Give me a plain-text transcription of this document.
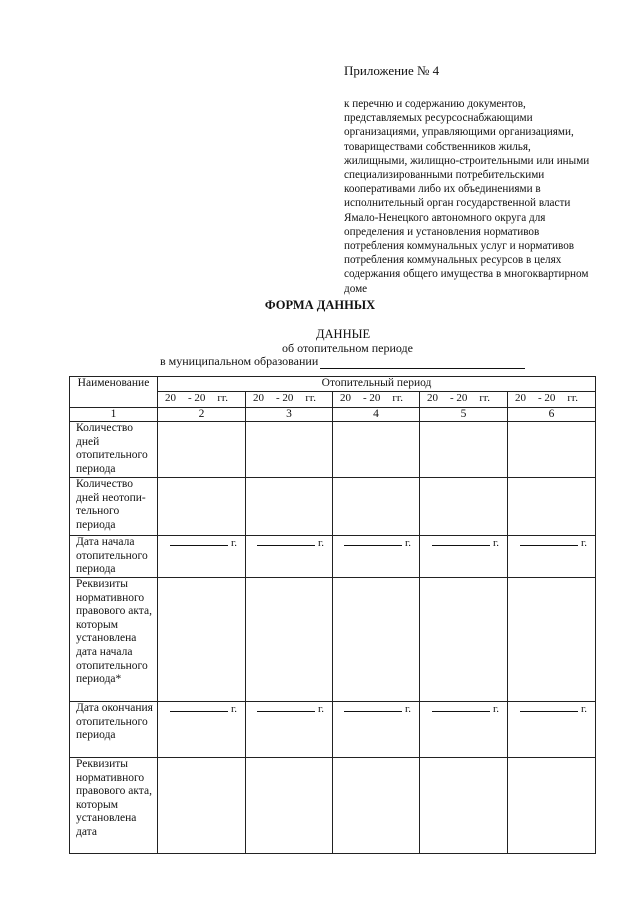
Приложение № 4
к перечню и содержанию документов,
представляемых ресурсоснабжающими
организациями, управляющими организациями,
товариществами собственников жилья,
жилищными, жилищно-строительными или иными
специализированными потребительскими
кооперативами либо их объединениями в
исполнительный орган государственной власти
Ямало-Ненецкого автономного округа для
определения и установления нормативов
потребления коммунальных услуг и нормативов
потребления коммунальных ресурсов в целях
содержания общего имущества в многоквартирном
доме
ФОРМА ДАННЫХ
ДАННЫЕ
об отопительном периоде
в муниципальном образовании
Наименование	Отопительный период				
	20 - 20 гг.	20 - 20 гг.	20 - 20 гг.	20 - 20 гг.	20 - 20 гг.
1	2	3	4	5	6
Количество дней отопительного периода					
Количество дней неотопи-тельного периода					
Дата начала отопительного периода	г.	г.	г.	г.	г.
Реквизиты нормативного правового акта, которым установлена дата начала отопительного периода*					
Дата окончания отопительного периода	г.	г.	г.	г.	г.
Реквизиты нормативного правового акта, которым установлена дата					
